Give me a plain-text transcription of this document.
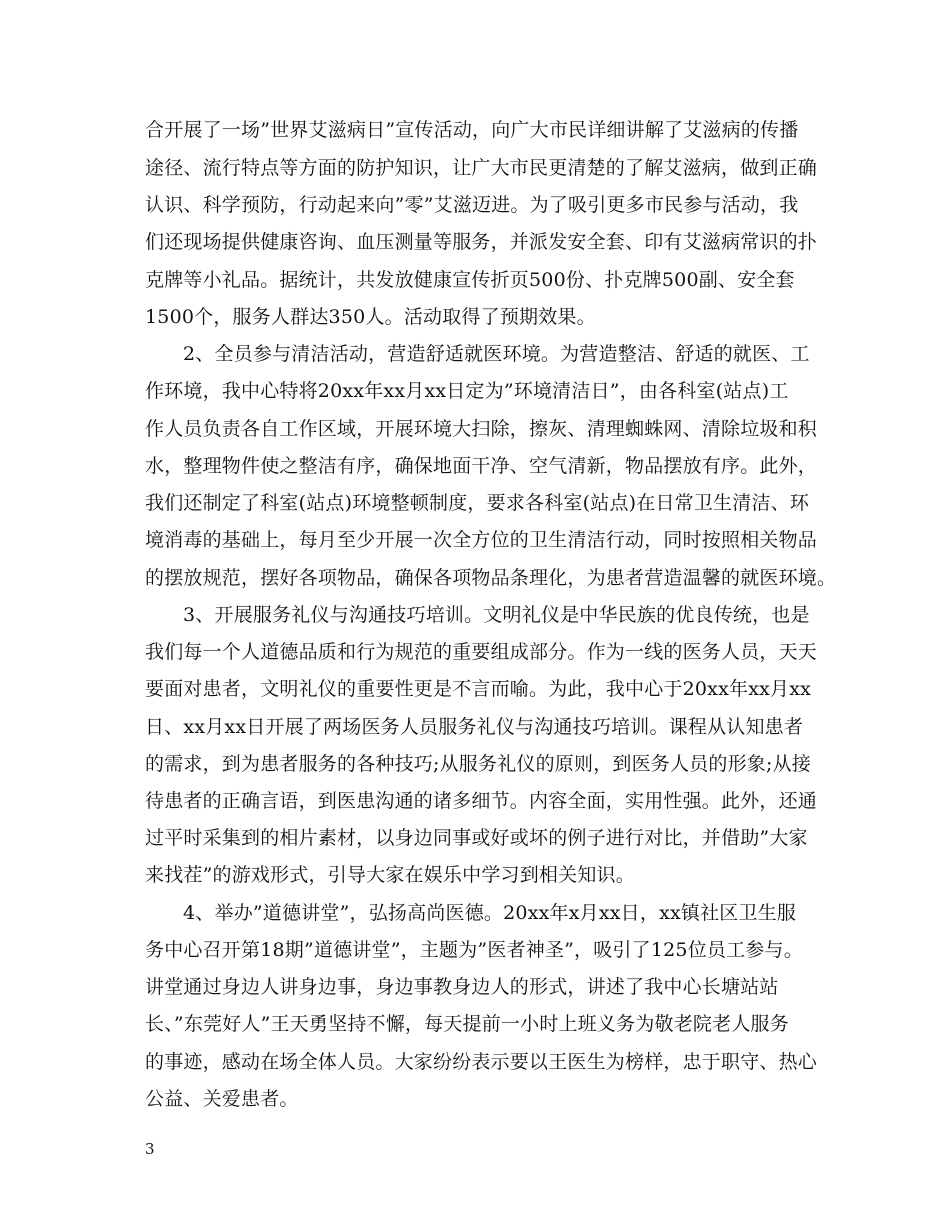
合开展了一场”世界艾滋病日”宣传活动，向广大市民详细讲解了艾滋病的传播
途径、流行特点等方面的防护知识，让广大市民更清楚的了解艾滋病，做到正确
认识、科学预防，行动起来向”零”艾滋迈进。为了吸引更多市民参与活动，我
们还现场提供健康咨询、血压测量等服务，并派发安全套、印有艾滋病常识的扑
克牌等小礼品。据统计，共发放健康宣传折页500份、扑克牌500副、安全套
1500个，服务人群达350人。活动取得了预期效果。
2、全员参与清洁活动，营造舒适就医环境。为营造整洁、舒适的就医、工
作环境，我中心特将20xx年xx月xx日定为”环境清洁日”，由各科室(站点)工
作人员负责各自工作区域，开展环境大扫除，擦灰、清理蜘蛛网、清除垃圾和积
水，整理物件使之整洁有序，确保地面干净、空气清新，物品摆放有序。此外，
我们还制定了科室(站点)环境整顿制度，要求各科室(站点)在日常卫生清洁、环
境消毒的基础上，每月至少开展一次全方位的卫生清洁行动，同时按照相关物品
的摆放规范，摆好各项物品，确保各项物品条理化，为患者营造温馨的就医环境。
3、开展服务礼仪与沟通技巧培训。文明礼仪是中华民族的优良传统，也是
我们每一个人道德品质和行为规范的重要组成部分。作为一线的医务人员，天天
要面对患者，文明礼仪的重要性更是不言而喻。为此，我中心于20xx年xx月xx
日、xx月xx日开展了两场医务人员服务礼仪与沟通技巧培训。课程从认知患者
的需求，到为患者服务的各种技巧;从服务礼仪的原则，到医务人员的形象;从接
待患者的正确言语，到医患沟通的诸多细节。内容全面，实用性强。此外，还通
过平时采集到的相片素材，以身边同事或好或坏的例子进行对比，并借助”大家
来找茬”的游戏形式，引导大家在娱乐中学习到相关知识。
4、举办”道德讲堂”，弘扬高尚医德。20xx年x月xx日，xx镇社区卫生服
务中心召开第18期”道德讲堂”，主题为”医者神圣”，吸引了125位员工参与。
讲堂通过身边人讲身边事，身边事教身边人的形式，讲述了我中心长塘站站
长、”东莞好人”王天勇坚持不懈，每天提前一小时上班义务为敬老院老人服务
的事迹，感动在场全体人员。大家纷纷表示要以王医生为榜样，忠于职守、热心
公益、关爱患者。
3
